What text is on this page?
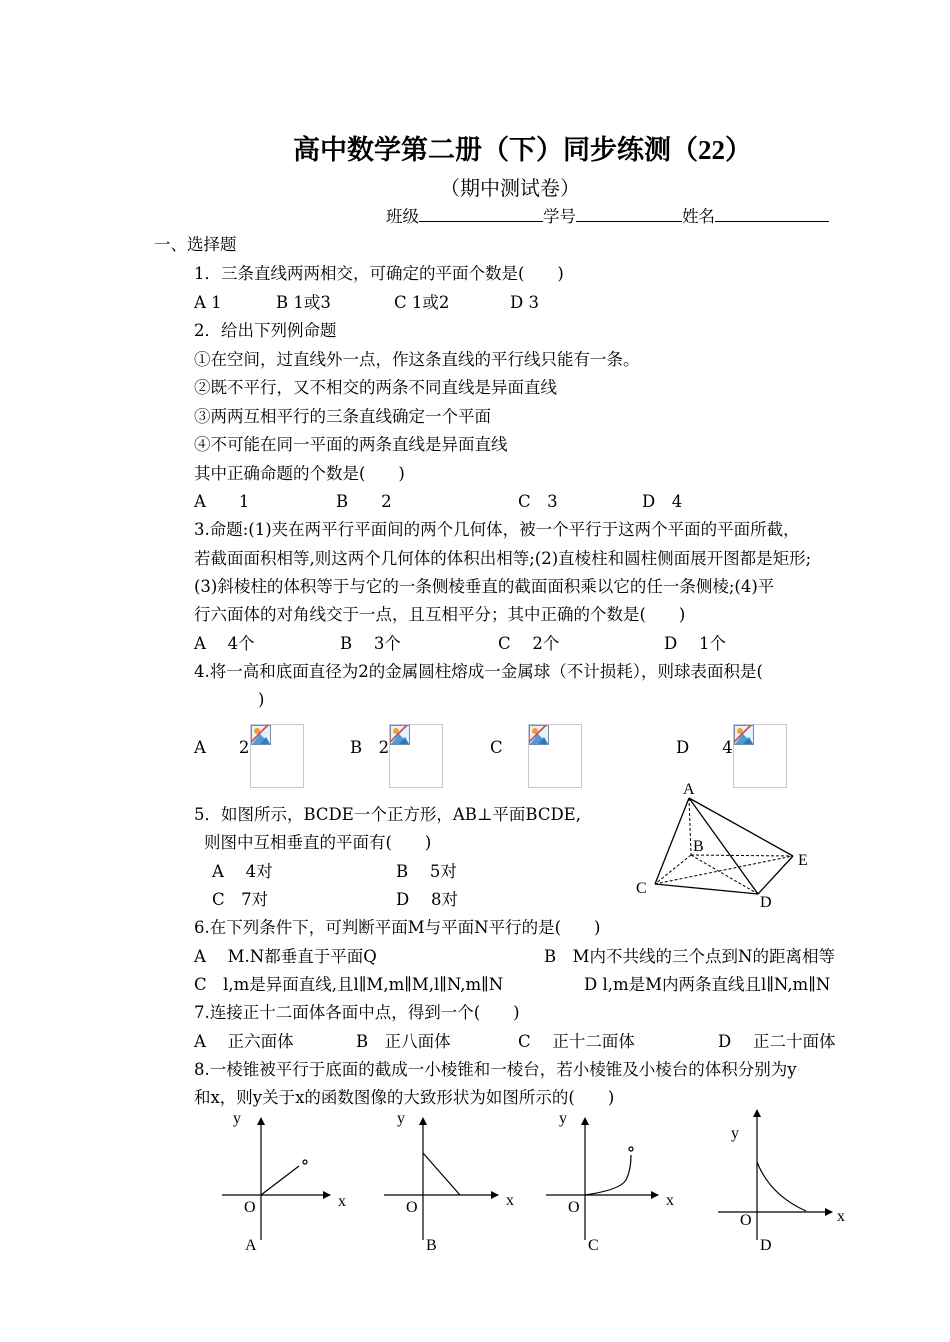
高中数学第二册（下）同步练测（22）
（期中测试卷）
班级	学号	姓名
一、选择题
1．三条直线两两相交，可确定的平面个数是(　　)
A 1	B 1或3	C 1或2	D 3
2．给出下列例命题
①在空间，过直线外一点，作这条直线的平行线只能有一条。
②既不平行，又不相交的两条不同直线是异面直线
③两两互相平行的三条直线确定一个平面
④不可能在同一平面的两条直线是异面直线
其中正确命题的个数是(　　)
A　　1	B　　2	C　3	D　4
3.命题:(1)夹在两平行平面间的两个几何体，被一个平行于这两个平面的平面所截，
若截面面积相等,则这两个几何体的体积出相等;(2)直棱柱和圆柱侧面展开图都是矩形;
(3)斜棱柱的体积等于与它的一条侧棱垂直的截面面积乘以它的任一条侧棱;(4)平
行六面体的对角线交于一点，且互相平分；其中正确的个数是(　　)
A　 4个	B　 3个	C　 2个	D　 1个
4.将一高和底面直径为2的金属圆柱熔成一金属球（不计损耗），则球表面积是(
)
A　　2	B　2	C	D　　4
5．如图所示，BCDE一个正方形，AB⊥平面BCDE,
则图中互相垂直的平面有(　　)
A　 4对	B　 5对
C　7对	D　 8对
A
B
C
D
E
6.在下列条件下，可判断平面M与平面N平行的是(　　)
A　 M.N都垂直于平面Q	B　M内不共线的三个点到N的距离相等
C　l,m是异面直线,且l∥M,m∥M,l∥N,m∥N	D l,m是M内两条直线且l∥N,m∥N
7.连接正十二面体各面中点，得到一个(　　)
A　 正六面体	B　正八面体	C　 正十二面体	D　 正二十面体
8.一棱锥被平行于底面的截成一小棱锥和一棱台，若小棱锥及小棱台的体积分别为y
和x，则y关于x的函数图像的大致形状为如图所示的(　　)
y
x
O
A
y
x
O
B
y
x
O
C
y
x
O
D
